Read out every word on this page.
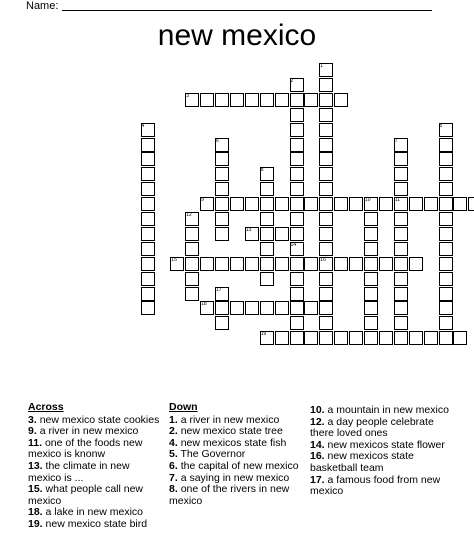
Name:
new mexico
1
2
3
4	5
6	7
8
9	10	11
12
13
14
15	16
17
18
19
Across
3. new mexico state cookies
9. a river in new mexico
11. one of the foods new mexico is knonw
13. the climate in new mexico is ...
15. what people call new mexico
18. a lake in new mexico
19. new mexico state bird
Down
1. a river in new mexico
2. new mexico state tree
4. new mexicos state fish
5. The Governor
6. the capital of new mexico
7. a saying in new mexico
8. one of the rivers in new mexico
10. a mountain in new mexico
12. a day people celebrate there loved ones
14. new mexicos state flower
16. new mexicos state basketball team
17. a famous food from new mexico
